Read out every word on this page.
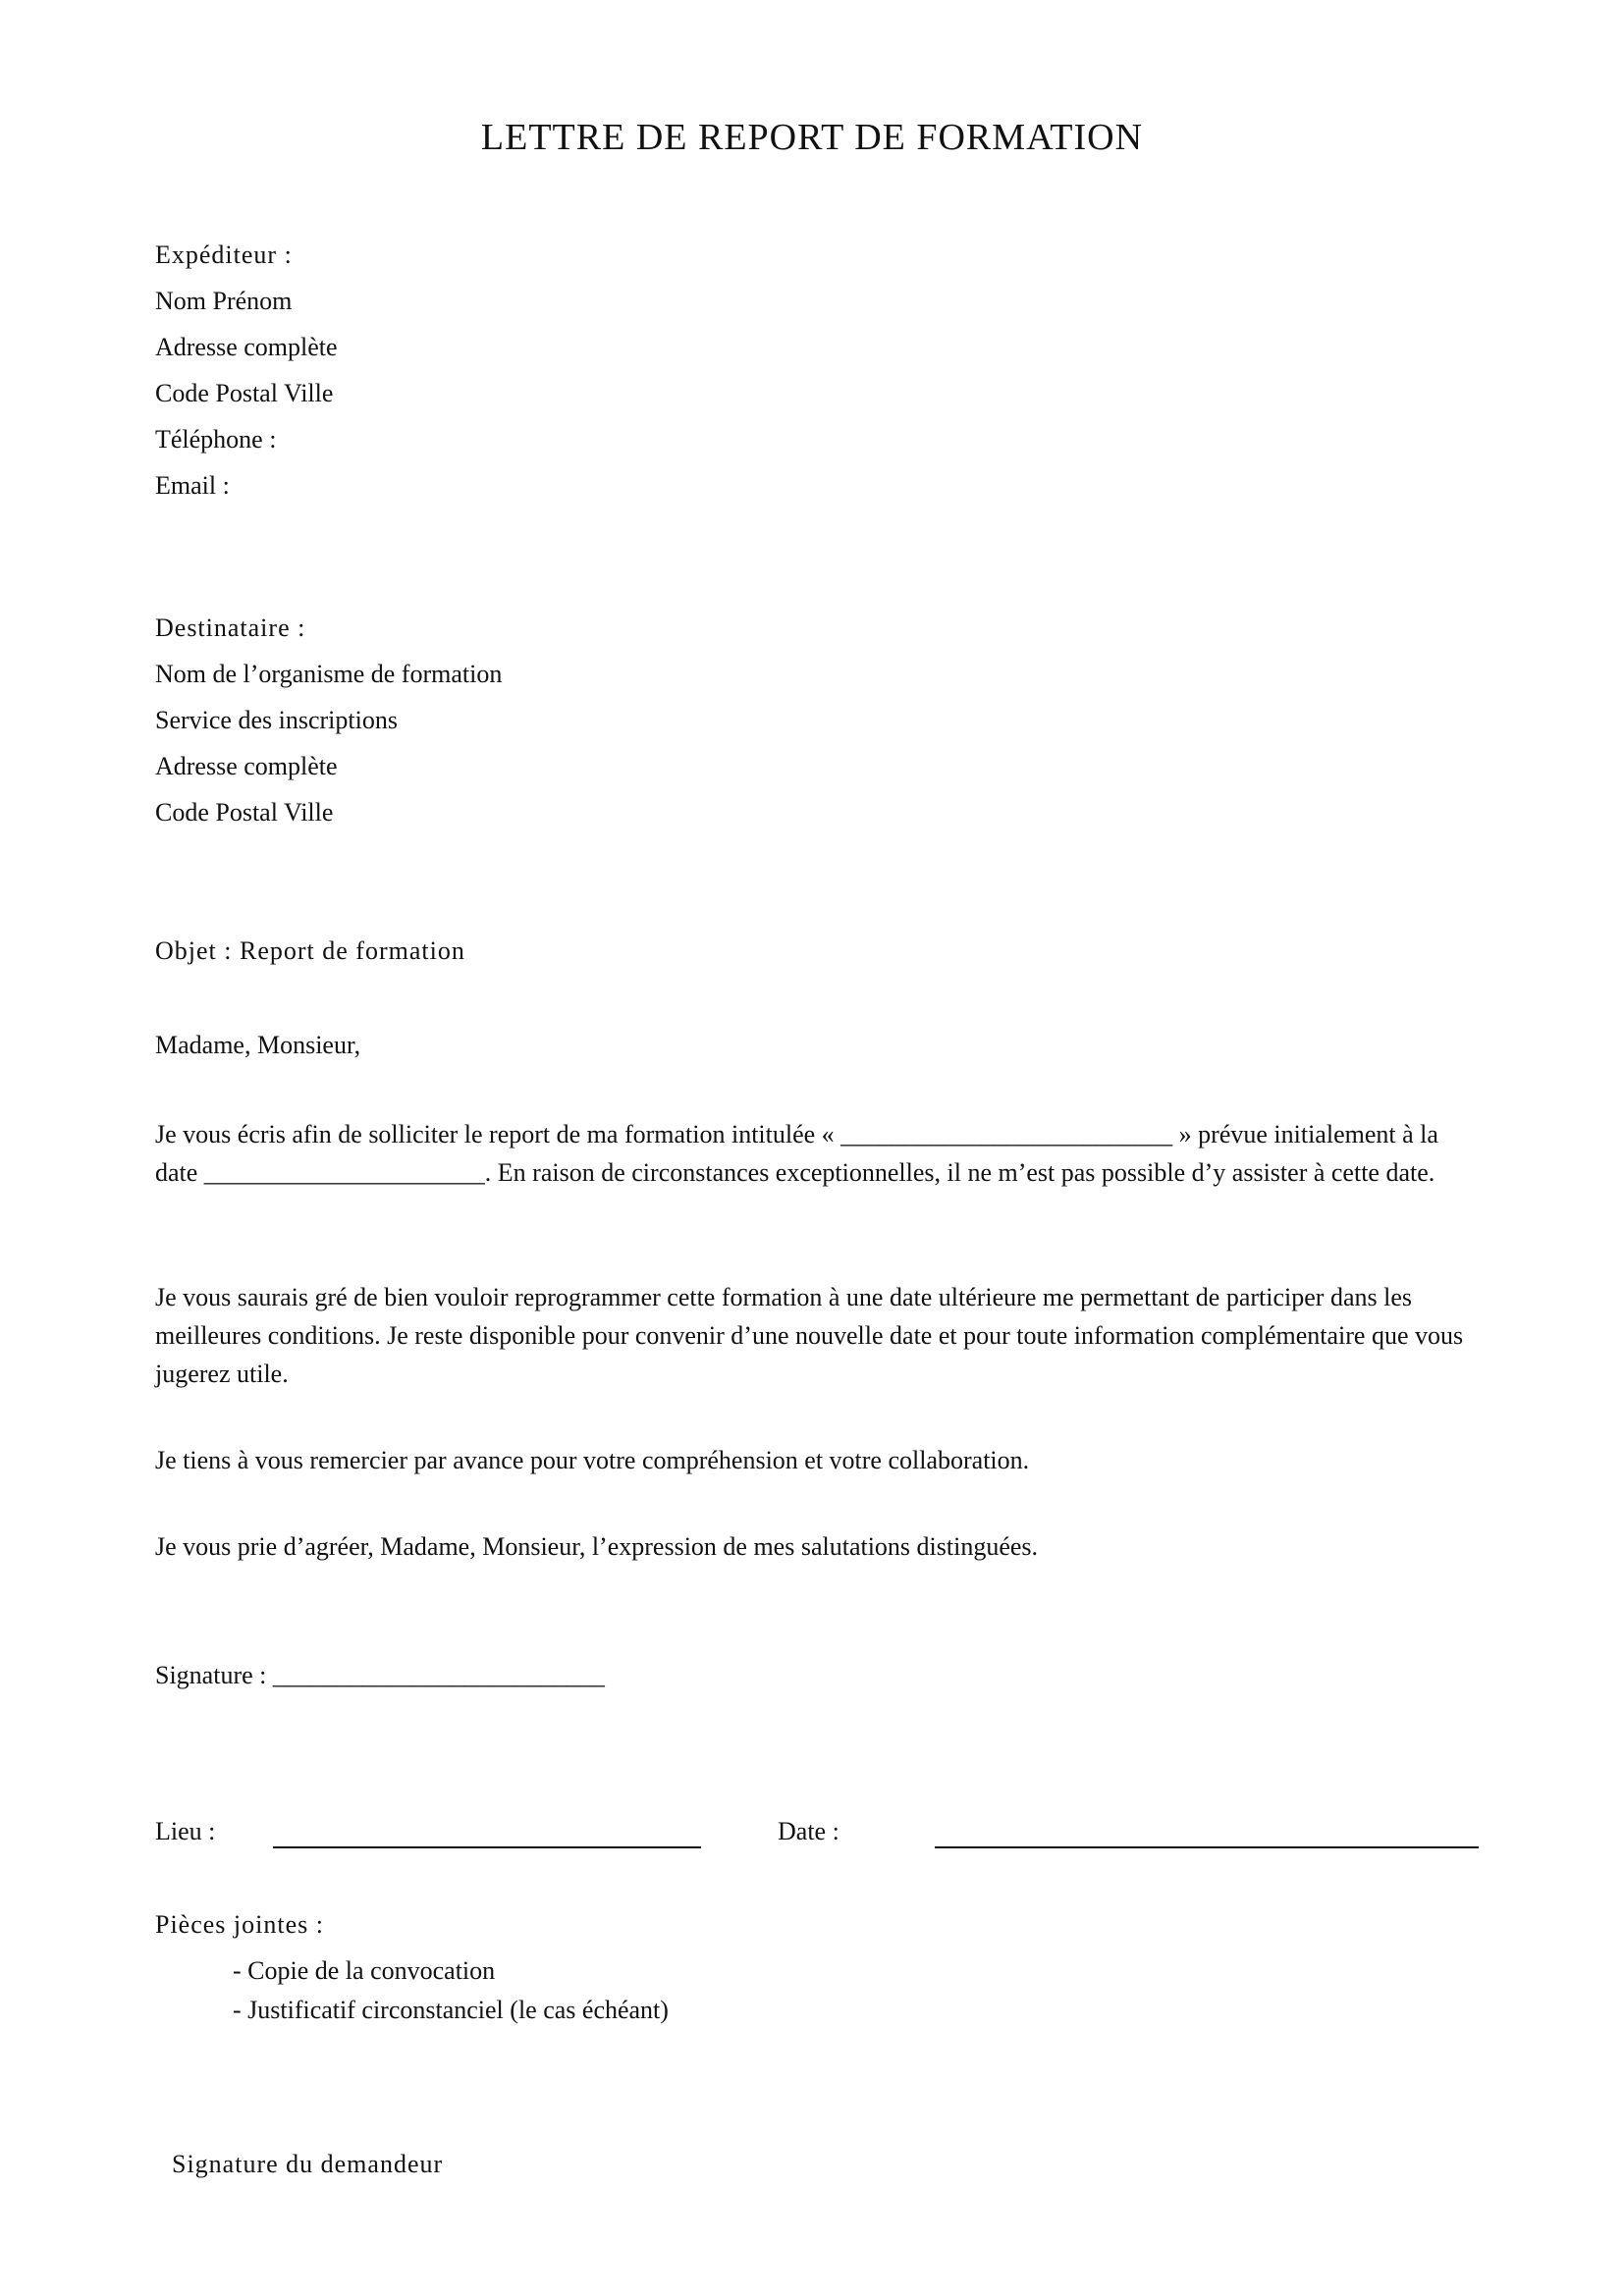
LETTRE DE REPORT DE FORMATION
Expéditeur :
Nom Prénom
Adresse complète
Code Postal Ville
Téléphone :
Email :
Destinataire :
Nom de l’organisme de formation
Service des inscriptions
Adresse complète
Code Postal Ville
Objet : Report de formation
Madame, Monsieur,

Je vous écris afin de solliciter le report de ma formation intitulée « __________________________ » prévue initialement à la date ______________________. En raison de circonstances exceptionnelles, il ne m’est pas possible d’y assister à cette date.

Je vous saurais gré de bien vouloir reprogrammer cette formation à une date ultérieure me permettant de participer dans les meilleures conditions. Je reste disponible pour convenir d’une nouvelle date et pour toute information complémentaire que vous jugerez utile.

Je tiens à vous remercier par avance pour votre compréhension et votre collaboration.

Je vous prie d’agréer, Madame, Monsieur, l’expression de mes salutations distinguées.

Signature : __________________________
Lieu :	Date :
Pièces jointes :
- Copie de la convocation
- Justificatif circonstanciel (le cas échéant)
Signature du demandeur
